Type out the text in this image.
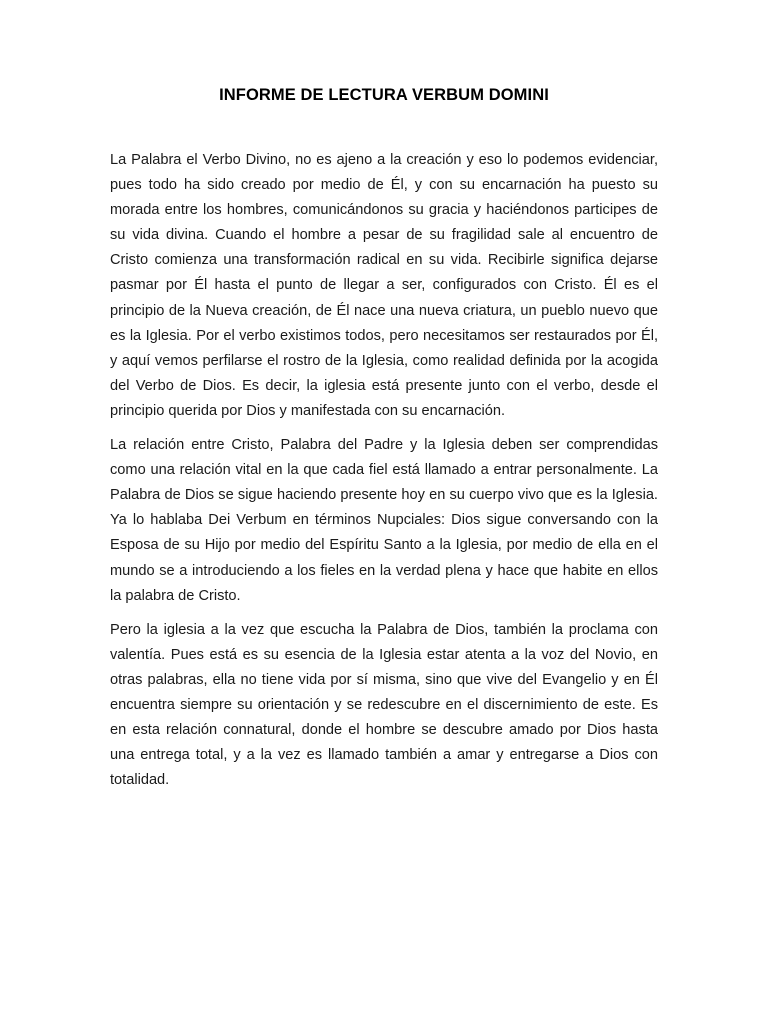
INFORME DE LECTURA VERBUM DOMINI

La Palabra el Verbo Divino, no es ajeno a la creación y eso lo podemos evidenciar, pues todo ha sido creado por medio de Él, y con su encarnación ha puesto su morada entre los hombres, comunicándonos su gracia y haciéndonos participes de su vida divina. Cuando el hombre a pesar de su fragilidad sale al encuentro de Cristo comienza una transformación radical en su vida. Recibirle significa dejarse pasmar por Él hasta el punto de llegar a ser, configurados con Cristo. Él es el principio de la Nueva creación, de Él nace una nueva criatura, un pueblo nuevo que es la Iglesia. Por el verbo existimos todos, pero necesitamos ser restaurados por Él, y aquí vemos perfilarse el rostro de la Iglesia, como realidad definida por la acogida del Verbo de Dios. Es decir, la iglesia está presente junto con el verbo, desde el principio querida por Dios y manifestada con su encarnación.

La relación entre Cristo, Palabra del Padre y la Iglesia deben ser comprendidas como una relación vital en la que cada fiel está llamado a entrar personalmente. La Palabra de Dios se sigue haciendo presente hoy en su cuerpo vivo que es la Iglesia. Ya lo hablaba Dei Verbum en términos Nupciales: Dios sigue conversando con la Esposa de su Hijo por medio del Espíritu Santo a la Iglesia, por medio de ella en el mundo se a introduciendo a los fieles en la verdad plena y hace que habite en ellos la palabra de Cristo.

Pero la iglesia a la vez que escucha la Palabra de Dios, también la proclama con valentía. Pues está es su esencia de la Iglesia estar atenta a la voz del Novio, en otras palabras, ella no tiene vida por sí misma, sino que vive del Evangelio y en Él encuentra siempre su orientación y se redescubre en el discernimiento de este. Es en esta relación connatural, donde el hombre se descubre amado por Dios hasta una entrega total, y a la vez es llamado también a amar y entregarse a Dios con totalidad.
